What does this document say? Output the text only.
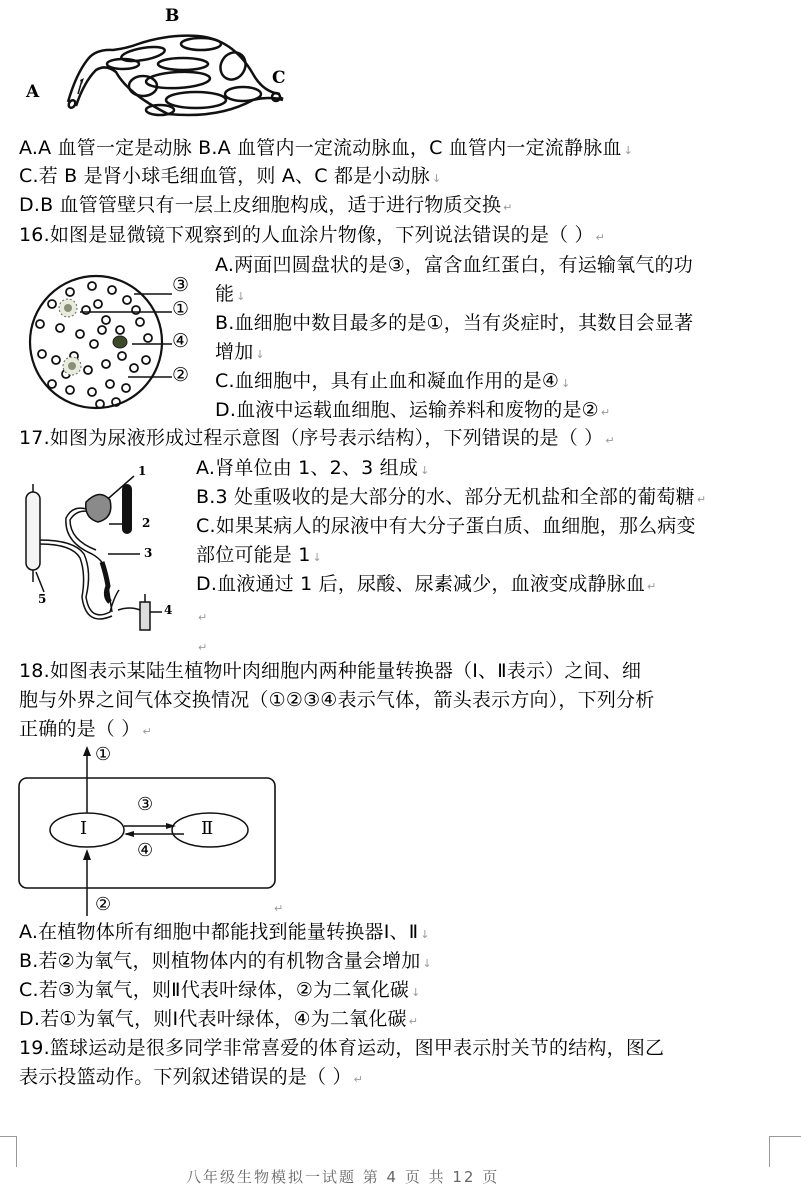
A
B
C
A.A 血管一定是动脉 B.A 血管内一定流动脉血，C 血管内一定流静脉血 ↓
C.若 B 是肾小球毛细血管，则 A、C 都是小动脉 ↓
D.B 血管管壁只有一层上皮细胞构成，适于进行物质交换 ↵
16.如图是显微镜下观察到的人血涂片物像，下列说法错误的是（ ） ↵
③
①
④
②
A.两面凹圆盘状的是③，富含血红蛋白，有运输氧气的功
能 ↓
B.血细胞中数目最多的是①，当有炎症时，其数目会显著
增加 ↓
C.血细胞中，具有止血和凝血作用的是④ ↓
D.血液中运载血细胞、运输养料和废物的是② ↵
17.如图为尿液形成过程示意图（序号表示结构），下列错误的是（ ） ↵
1
2
3
4
5
A.肾单位由 1、2、3 组成 ↓
B.3 处重吸收的是大部分的水、部分无机盐和全部的葡萄糖 ↵
C.如果某病人的尿液中有大分子蛋白质、血细胞，那么病变
部位可能是 1 ↓
D.血液通过 1 后，尿酸、尿素减少，血液变成静脉血 ↵
↵
↵
18.如图表示某陆生植物叶肉细胞内两种能量转换器（Ⅰ、Ⅱ表示）之间、细
胞与外界之间气体交换情况（①②③④表示气体，箭头表示方向），下列分析
正确的是（ ） ↵
Ⅰ	Ⅱ
①
③
④
②	↵
A.在植物体所有细胞中都能找到能量转换器Ⅰ、Ⅱ ↓
B.若②为氧气，则植物体内的有机物含量会增加 ↓
C.若③为氧气，则Ⅱ代表叶绿体，②为二氧化碳 ↓
D.若①为氧气，则Ⅰ代表叶绿体，④为二氧化碳 ↵
19.篮球运动是很多同学非常喜爱的体育运动，图甲表示肘关节的结构，图乙
表示投篮动作。下列叙述错误的是（ ） ↵
八年级生物模拟一试题 第 4 页 共 12 页
